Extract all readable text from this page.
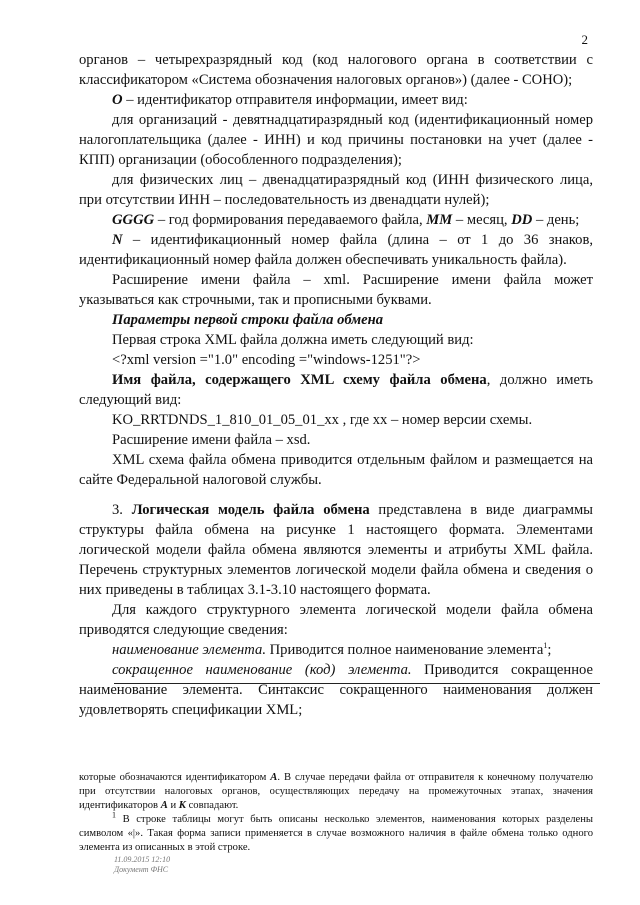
2

органов – четырехразрядный код (код налогового органа в соответствии с классификатором «Система обозначения налоговых органов») (далее - СОНО);

О – идентификатор отправителя информации, имеет вид:

для организаций - девятнадцатиразрядный код (идентификационный номер налогоплательщика (далее - ИНН) и код причины постановки на учет (далее - КПП) организации (обособленного подразделения);

для физических лиц – двенадцатиразрядный код (ИНН физического лица, при отсутствии ИНН – последовательность из двенадцати нулей);

GGGG – год формирования передаваемого файла, MM – месяц, DD – день;

N – идентификационный номер файла (длина – от 1 до 36 знаков, идентификационный номер файла должен обеспечивать уникальность файла).

Расширение имени файла – xml. Расширение имени файла может указываться как строчными, так и прописными буквами.

Параметры первой строки файла обмена

Первая строка XML файла должна иметь следующий вид:

<?xml version ="1.0" encoding ="windows-1251"?>

Имя файла, содержащего XML схему файла обмена, должно иметь следующий вид:

KO_RRTDNDS_1_810_01_05_01_xx , где хх – номер версии схемы.

Расширение имени файла – xsd.

XML схема файла обмена приводится отдельным файлом и размещается на сайте Федеральной налоговой службы.

3. Логическая модель файла обмена представлена в виде диаграммы структуры файла обмена на рисунке 1 настоящего формата. Элементами логической модели файла обмена являются элементы и атрибуты XML файла. Перечень структурных элементов логической модели файла обмена и сведения о них приведены в таблицах 3.1-3.10 настоящего формата.

Для каждого структурного элемента логической модели файла обмена приводятся следующие сведения:

наименование элемента. Приводится полное наименование элемента$^1$;

сокращенное наименование (код) элемента. Приводится сокращенное наименование элемента. Синтаксис сокращенного наименования должен удовлетворять спецификации XML;

которые обозначаются идентификатором А. В случае передачи файла от отправителя к конечному получателю при отсутствии налоговых органов, осуществляющих передачу на промежуточных этапах, значения идентификаторов А и К совпадают.

$^1$ В строке таблицы могут быть описаны несколько элементов, наименования которых разделены символом «|». Такая форма записи применяется в случае возможного наличия в файле обмена только одного элемента из описанных в этой строке.

11.09.2015 12:10
Документ ФНС
